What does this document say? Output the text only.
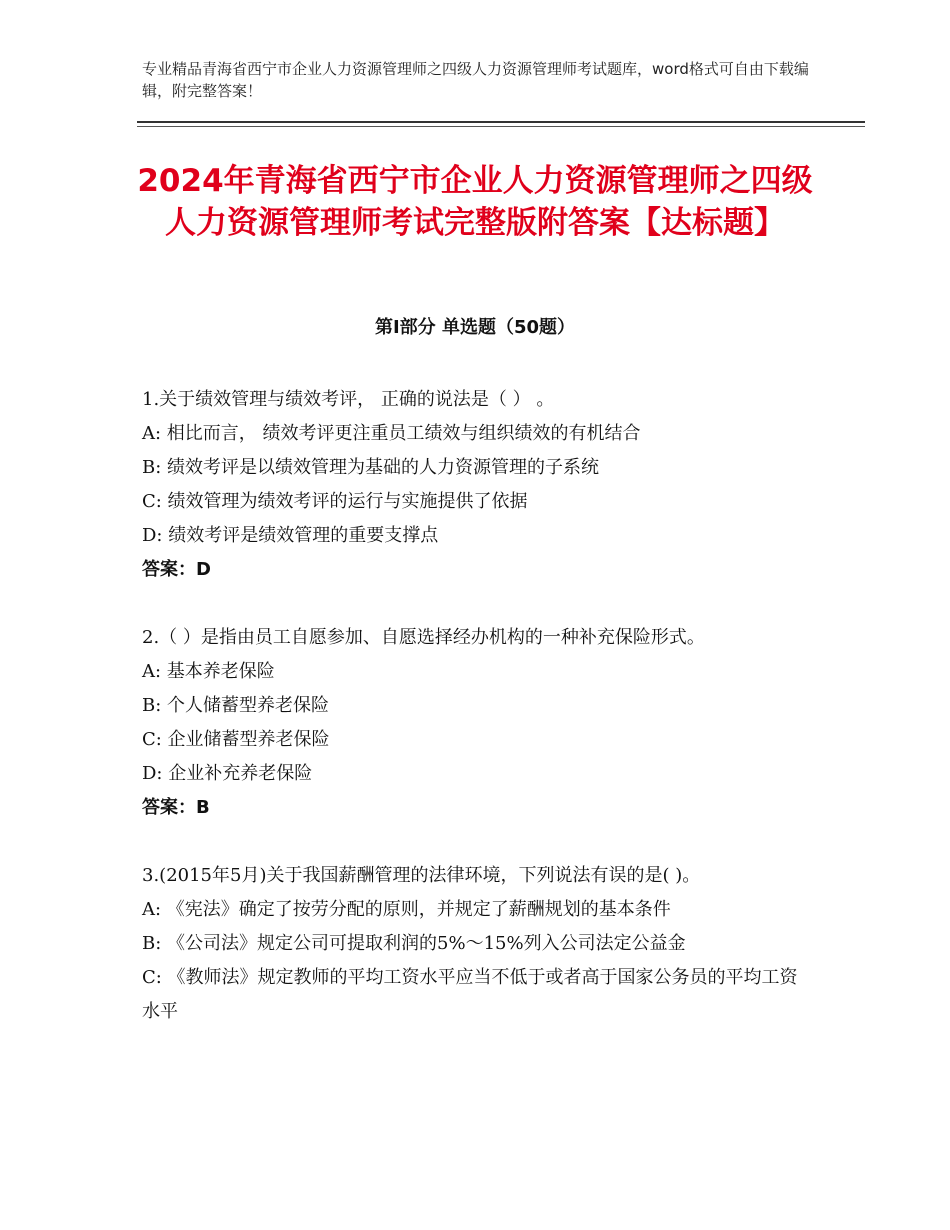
专业精品青海省西宁市企业人力资源管理师之四级人力资源管理师考试题库，word格式可自由下载编辑，附完整答案！
2024年青海省西宁市企业人力资源管理师之四级人力资源管理师考试完整版附答案【达标题】
第Ⅰ部分 单选题（50题）
1.关于绩效管理与绩效考评， 正确的说法是（ ） 。
A: 相比而言， 绩效考评更注重员工绩效与组织绩效的有机结合
B: 绩效考评是以绩效管理为基础的人力资源管理的子系统
C: 绩效管理为绩效考评的运行与实施提供了依据
D: 绩效考评是绩效管理的重要支撑点
答案：D
2.（ ）是指由员工自愿参加、自愿选择经办机构的一种补充保险形式。
A: 基本养老保险
B: 个人储蓄型养老保险
C: 企业储蓄型养老保险
D: 企业补充养老保险
答案：B
3.(2015年5月)关于我国薪酬管理的法律环境，下列说法有误的是( )。
A: 《宪法》确定了按劳分配的原则，并规定了薪酬规划的基本条件
B: 《公司法》规定公司可提取利润的5%～15%列入公司法定公益金
C: 《教师法》规定教师的平均工资水平应当不低于或者高于国家公务员的平均工资水平
